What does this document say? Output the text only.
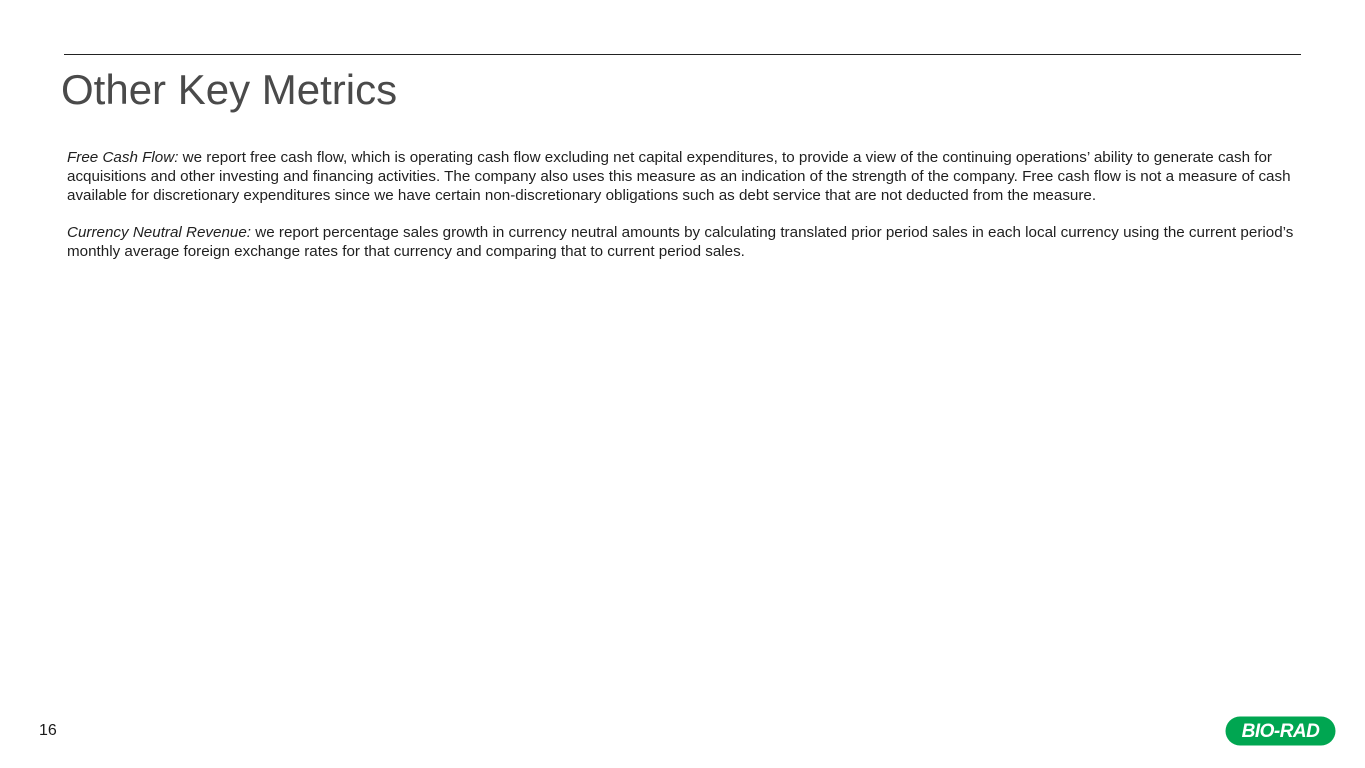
Other Key Metrics

Free Cash Flow: we report free cash flow, which is operating cash flow excluding net capital expenditures, to provide a view of the continuing operations’ ability to generate cash for acquisitions and other investing and financing activities. The company also uses this measure as an indication of the strength of the company. Free cash flow is not a measure of cash available for discretionary expenditures since we have certain non-discretionary obligations such as debt service that are not deducted from the measure.

Currency Neutral Revenue: we report percentage sales growth in currency neutral amounts by calculating translated prior period sales in each local currency using the current period’s monthly average foreign exchange rates for that currency and comparing that to current period sales.

16	BIO-RAD
